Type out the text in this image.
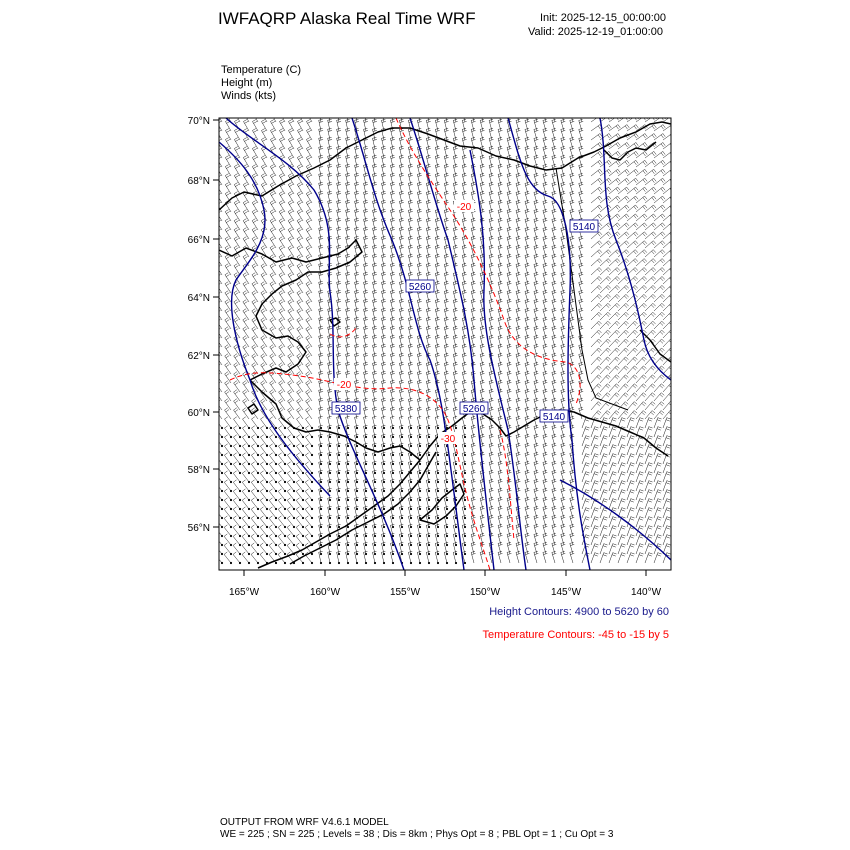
IWFAQRP Alaska Real Time WRF	Init: 2025-12-15_00:00:00
Valid: 2025-12-19_01:00:00
Temperature (C)
Height (m)
Winds (kts)
5140
5260
5380	5260
5140
-20
-30
-20
70°N
68°N
66°N
64°N
62°N
60°N
58°N
56°N
165°W	160°W	155°W	150°W	145°W	140°W
Height Contours: 4900 to 5620 by 60
Temperature Contours: -45 to -15 by 5
OUTPUT FROM WRF V4.6.1 MODEL
WE = 225 ; SN = 225 ; Levels = 38 ; Dis = 8km ; Phys Opt = 8 ; PBL Opt = 1 ; Cu Opt = 3
